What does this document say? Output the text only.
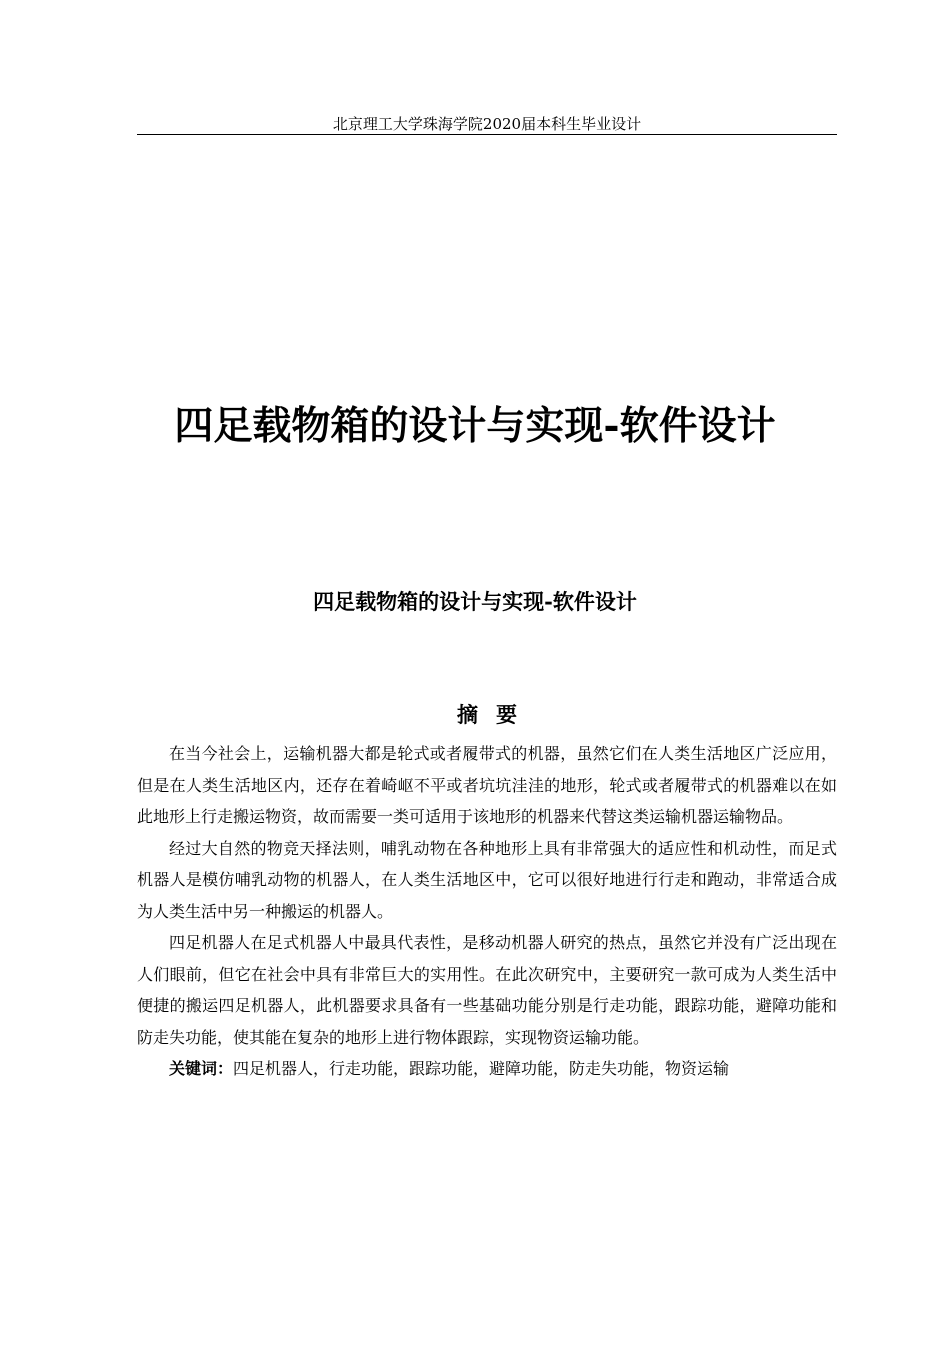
北京理工大学珠海学院2020届本科生毕业设计
四足载物箱的设计与实现-软件设计
四足载物箱的设计与实现-软件设计
摘要

在当今社会上，运输机器大都是轮式或者履带式的机器，虽然它们在人类生活地区广泛应用，但是在人类生活地区内，还存在着崎岖不平或者坑坑洼洼的地形，轮式或者履带式的机器难以在如此地形上行走搬运物资，故而需要一类可适用于该地形的机器来代替这类运输机器运输物品。

经过大自然的物竞天择法则，哺乳动物在各种地形上具有非常强大的适应性和机动性，而足式机器人是模仿哺乳动物的机器人，在人类生活地区中，它可以很好地进行行走和跑动，非常适合成为人类生活中另一种搬运的机器人。

四足机器人在足式机器人中最具代表性，是移动机器人研究的热点，虽然它并没有广泛出现在人们眼前，但它在社会中具有非常巨大的实用性。在此次研究中，主要研究一款可成为人类生活中便捷的搬运四足机器人，此机器要求具备有一些基础功能分别是行走功能，跟踪功能，避障功能和防走失功能，使其能在复杂的地形上进行物体跟踪，实现物资运输功能。

关键词：四足机器人，行走功能，跟踪功能，避障功能，防走失功能，物资运输
